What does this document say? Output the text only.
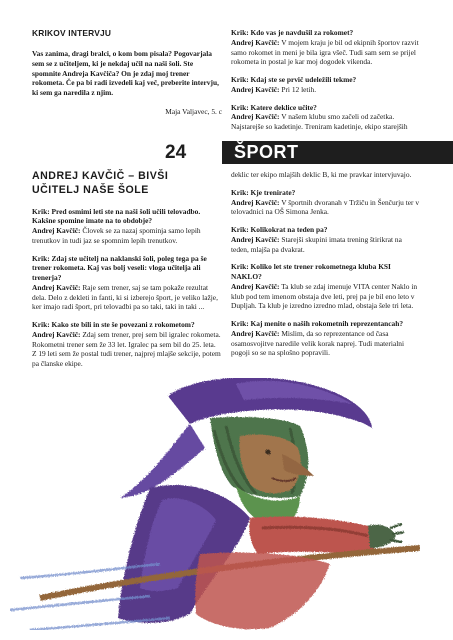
KRIKOV INTERVJU
Vas zanima, dragi bralci, o kom bom pisala? Pogovarjala sem se z učiteljem, ki je nekdaj učil na naši šoli. Ste spomnite Andreja Kavčiča? On je zdaj moj trener rokometa. Če pa bi radi izvedeli kaj več, preberite intervju, ki sem ga naredila z njim.
Maja Valjavec, 5. c
Krik: Kdo vas je navdušil za rokomet?
Andrej Kavčič: V mojem kraju je bil od ekipnih športov razvit samo rokomet in meni je bila igra všeč. Tudi sam sem se prijel rokometa in postal je kar moj dogodek vikenda.
Krik: Kdaj ste se prvič udeležili tekme?
Andrej Kavčič: Pri 12 letih.
Krik: Katere deklice učite?
Andrej Kavčič: V našem klubu smo začeli od začetka. Najstarejše so kadetinje. Treniram kadetinje, ekipo starejših
24	ŠPORT
ANDREJ KAVČIČ – BIVŠI
UČITELJ NAŠE ŠOLE
Krik: Pred osmimi leti ste na naši šoli učili telovadbo. Kakšne spomine imate na to obdobje?
Andrej Kavčič: Človek se za nazaj spominja samo lepih trenutkov in tudi jaz se spomnim lepih trenutkov.
Krik: Zdaj ste učitelj na naklanski šoli, poleg tega pa še trener rokometa. Kaj vas bolj veseli: vloga učitelja ali trenerja?
Andrej Kavčič: Raje sem trener, saj se tam pokaže rezultat dela. Delo z dekleti in fanti, ki si izberejo šport, je veliko lažje, ker imajo radi šport, pri telovadbi pa so taki, taki in taki ...
Krik: Kako ste bili in ste še povezani z rokometom?
Andrej Kavčič: Zdaj sem trener, prej sem bil igralec rokometa. Rokometni trener sem že 33 let. Igralec pa sem bil do 25. leta. Z 19 leti sem že postal tudi trener, najprej mlajše sekcije, potem pa članske ekipe.
deklic ter ekipo mlajših deklic B, ki me pravkar intervjuvajo.
Krik: Kje trenirate?
Andrej Kavčič: V športnih dvoranah v Tržiču in Šenčurju ter v telovadnici na OŠ Simona Jenka.
Krik: Kolikokrat na teden pa?
Andrej Kavčič: Starejši skupini imata trening štirikrat na teden, mlajša pa dvakrat.
Krik: Koliko let ste trener rokometnega kluba KSI NAKLO?
Andrej Kavčič: Ta klub se zdaj imenuje VITA center Naklo in klub pod tem imenom obstaja dve leti, prej pa je bil eno leto v Dupljah. Ta klub je izredno izredno mlad, obstaja šele tri leta.
Krik: Kaj menite o naših rokometnih reprezentancah?
Andrej Kavčič: Mislim, da so reprezentance od časa osamosvojitve naredile velik korak naprej. Tudi materialni pogoji so se na splošno popravili.
